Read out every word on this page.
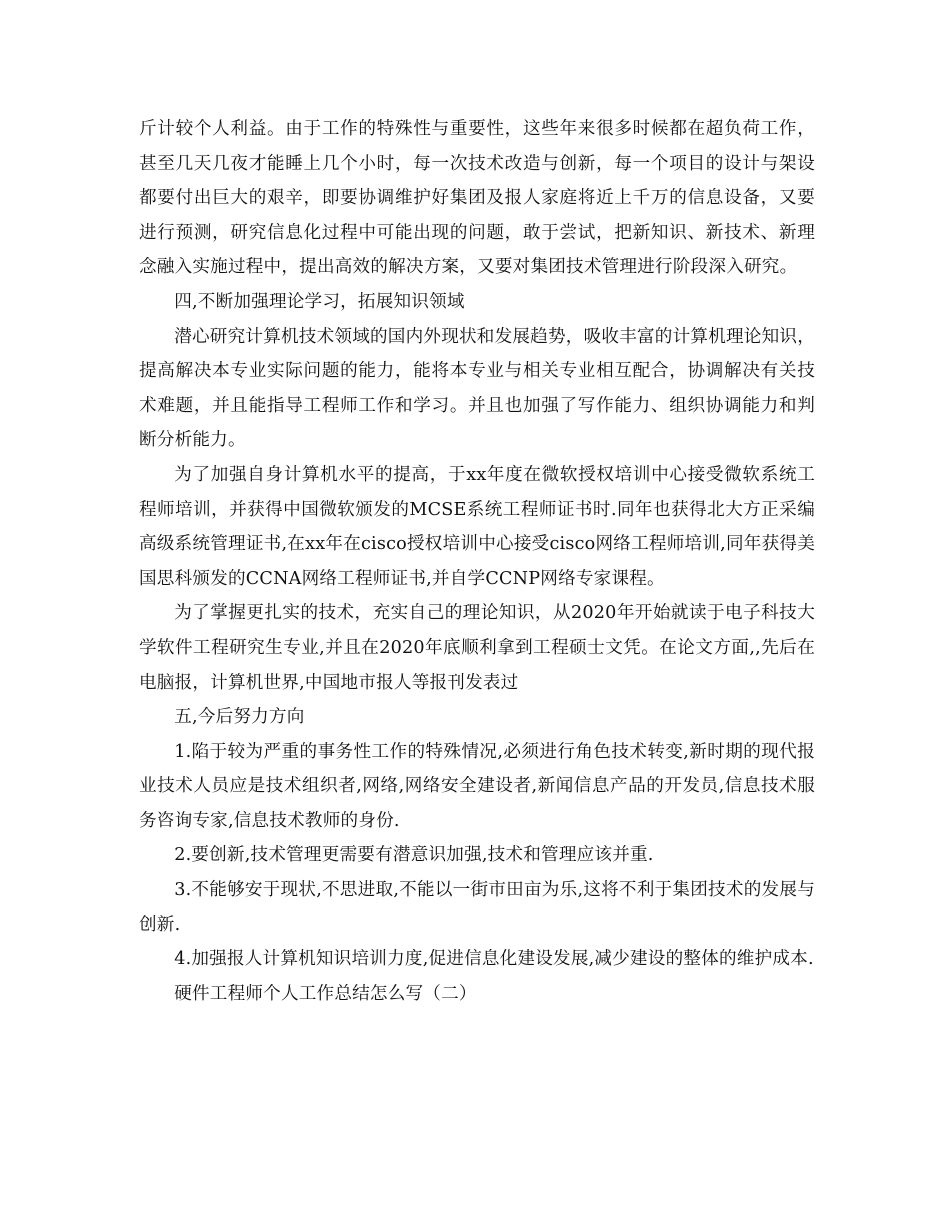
斤计较个人利益。由于工作的特殊性与重要性，这些年来很多时候都在超负荷工作，甚至几天几夜才能睡上几个小时，每一次技术改造与创新，每一个项目的设计与架设都要付出巨大的艰辛，即要协调维护好集团及报人家庭将近上千万的信息设备，又要进行预测，研究信息化过程中可能出现的问题，敢于尝试，把新知识、新技术、新理念融入实施过程中，提出高效的解决方案，又要对集团技术管理进行阶段深入研究。

四,不断加强理论学习，拓展知识领域

潜心研究计算机技术领域的国内外现状和发展趋势，吸收丰富的计算机理论知识，提高解决本专业实际问题的能力，能将本专业与相关专业相互配合，协调解决有关技术难题，并且能指导工程师工作和学习。并且也加强了写作能力、组织协调能力和判断分析能力。

为了加强自身计算机水平的提高，于xx年度在微软授权培训中心接受微软系统工程师培训，并获得中国微软颁发的MCSE系统工程师证书时.同年也获得北大方正采编高级系统管理证书,在xx年在cisco授权培训中心接受cisco网络工程师培训,同年获得美国思科颁发的CCNA网络工程师证书,并自学CCNP网络专家课程。

为了掌握更扎实的技术，充实自己的理论知识，从2020年开始就读于电子科技大学软件工程研究生专业,并且在2020年底顺利拿到工程硕士文凭。在论文方面,,先后在电脑报，计算机世界,中国地市报人等报刊发表过

五,今后努力方向

1.陷于较为严重的事务性工作的特殊情况,必须进行角色技术转变,新时期的现代报业技术人员应是技术组织者,网络,网络安全建设者,新闻信息产品的开发员,信息技术服务咨询专家,信息技术教师的身份.

2.要创新,技术管理更需要有潜意识加强,技术和管理应该并重.

3.不能够安于现状,不思进取,不能以一街市田亩为乐,这将不利于集团技术的发展与创新.

4.加强报人计算机知识培训力度,促进信息化建设发展,减少建设的整体的维护成本.

硬件工程师个人工作总结怎么写（二）
